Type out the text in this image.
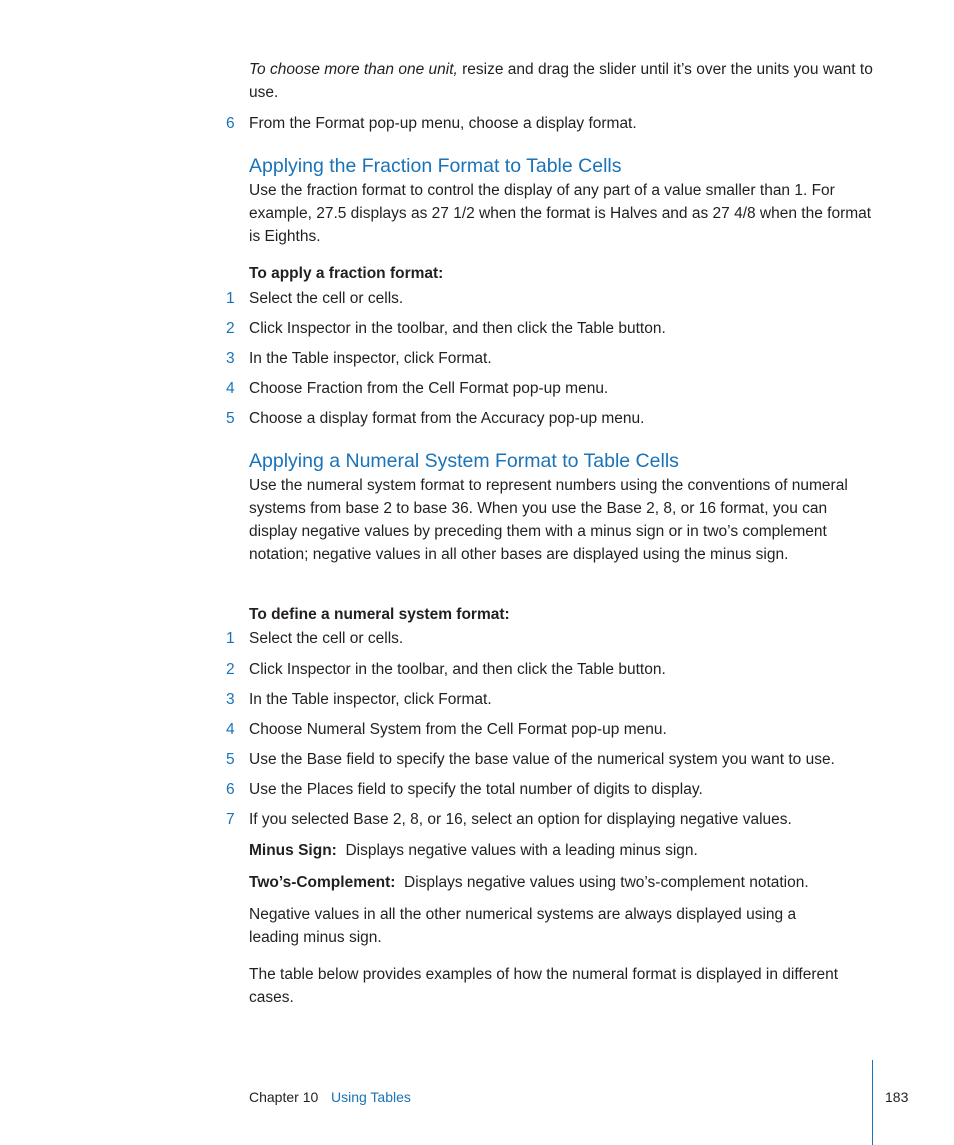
To choose more than one unit, resize and drag the slider until it’s over the units you want to use.
6 From the Format pop-up menu, choose a display format.
Applying the Fraction Format to Table Cells
Use the fraction format to control the display of any part of a value smaller than 1. For example, 27.5 displays as 27 1/2 when the format is Halves and as 27 4/8 when the format is Eighths.
To apply a fraction format:
1 Select the cell or cells.
2 Click Inspector in the toolbar, and then click the Table button.
3 In the Table inspector, click Format.
4 Choose Fraction from the Cell Format pop-up menu.
5 Choose a display format from the Accuracy pop-up menu.
Applying a Numeral System Format to Table Cells
Use the numeral system format to represent numbers using the conventions of numeral systems from base 2 to base 36. When you use the Base 2, 8, or 16 format, you can display negative values by preceding them with a minus sign or in two’s complement notation; negative values in all other bases are displayed using the minus sign.
To define a numeral system format:
1 Select the cell or cells.
2 Click Inspector in the toolbar, and then click the Table button.
3 In the Table inspector, click Format.
4 Choose Numeral System from the Cell Format pop-up menu.
5 Use the Base field to specify the base value of the numerical system you want to use.
6 Use the Places field to specify the total number of digits to display.
7 If you selected Base 2, 8, or 16, select an option for displaying negative values.
Minus Sign: Displays negative values with a leading minus sign.
Two’s-Complement: Displays negative values using two’s-complement notation.
Negative values in all the other numerical systems are always displayed using a leading minus sign.
The table below provides examples of how the numeral format is displayed in different cases.
Chapter 10 Using Tables	183
